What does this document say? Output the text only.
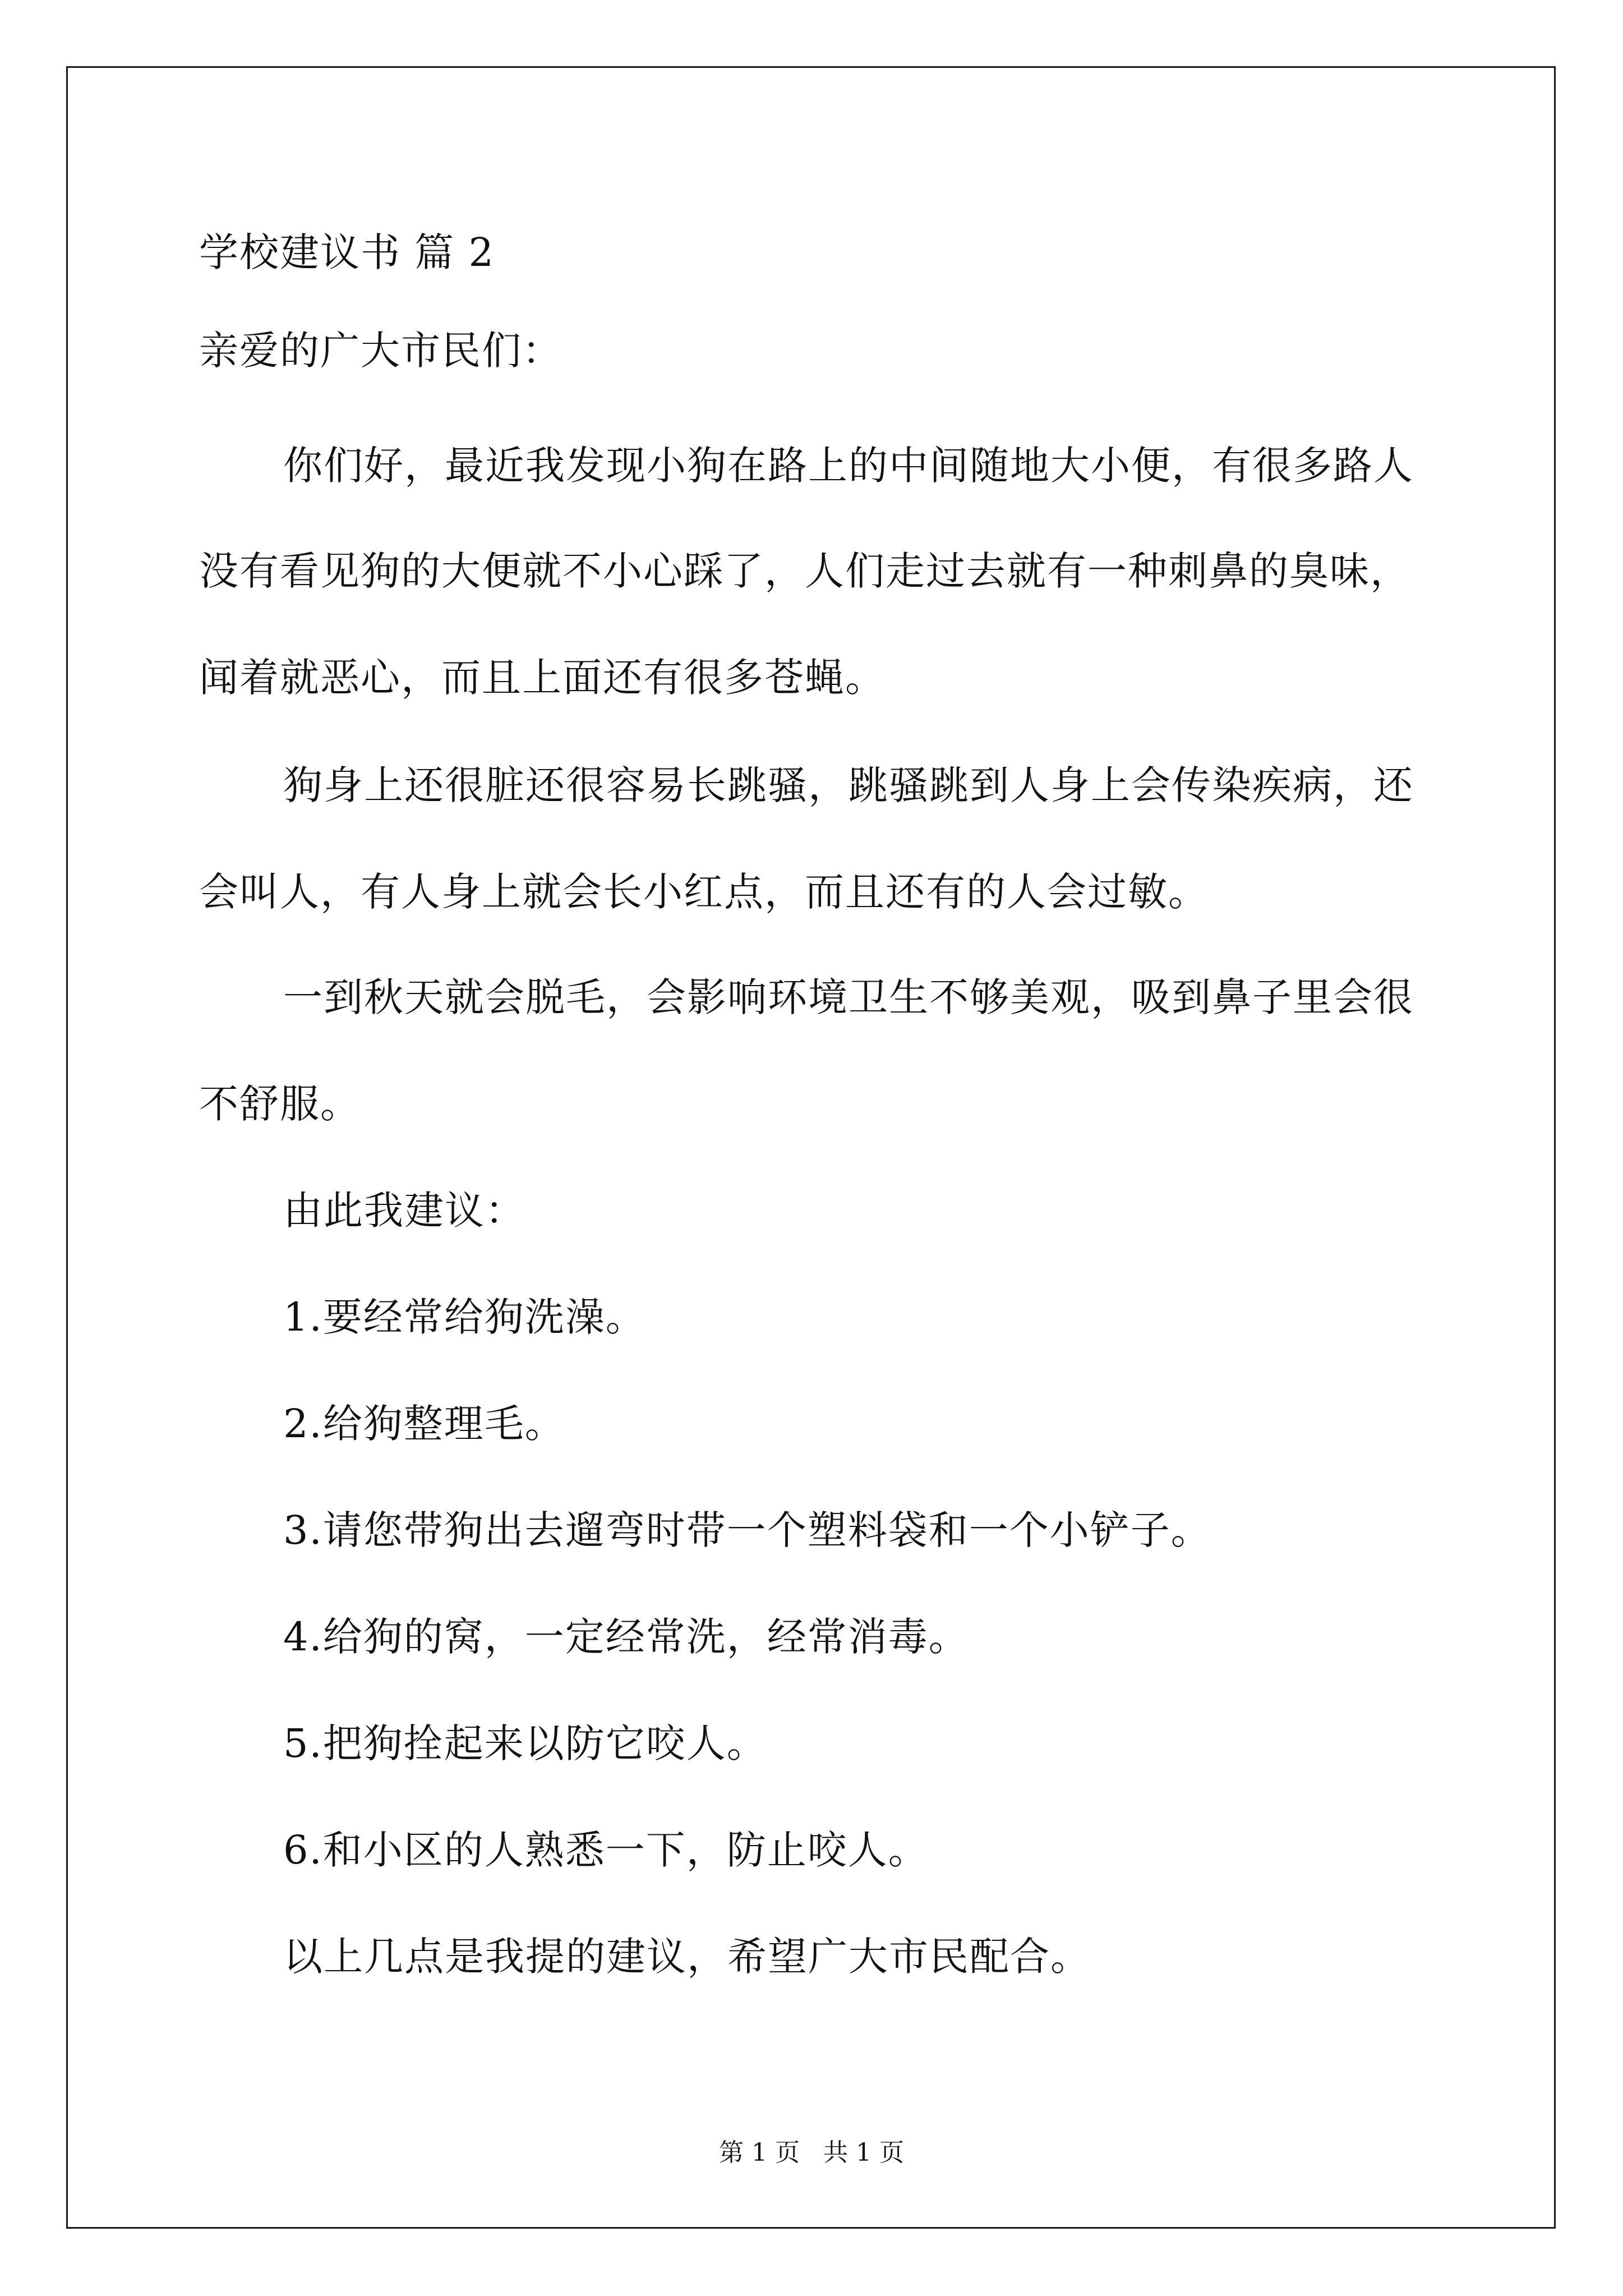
学校建议书 篇 2
亲爱的广大市民们：
你们好，最近我发现小狗在路上的中间随地大小便，有很多路人
没有看见狗的大便就不小心踩了，人们走过去就有一种刺鼻的臭味，
闻着就恶心，而且上面还有很多苍蝇。
狗身上还很脏还很容易长跳骚，跳骚跳到人身上会传染疾病，还
会叫人，有人身上就会长小红点，而且还有的人会过敏。
一到秋天就会脱毛，会影响环境卫生不够美观，吸到鼻子里会很
不舒服。
由此我建议：
1.要经常给狗洗澡。
2.给狗整理毛。
3.请您带狗出去遛弯时带一个塑料袋和一个小铲子。
4.给狗的窝，一定经常洗，经常消毒。
5.把狗拴起来以防它咬人。
6.和小区的人熟悉一下，防止咬人。
以上几点是我提的建议，希望广大市民配合。
第 1 页   共 1 页
